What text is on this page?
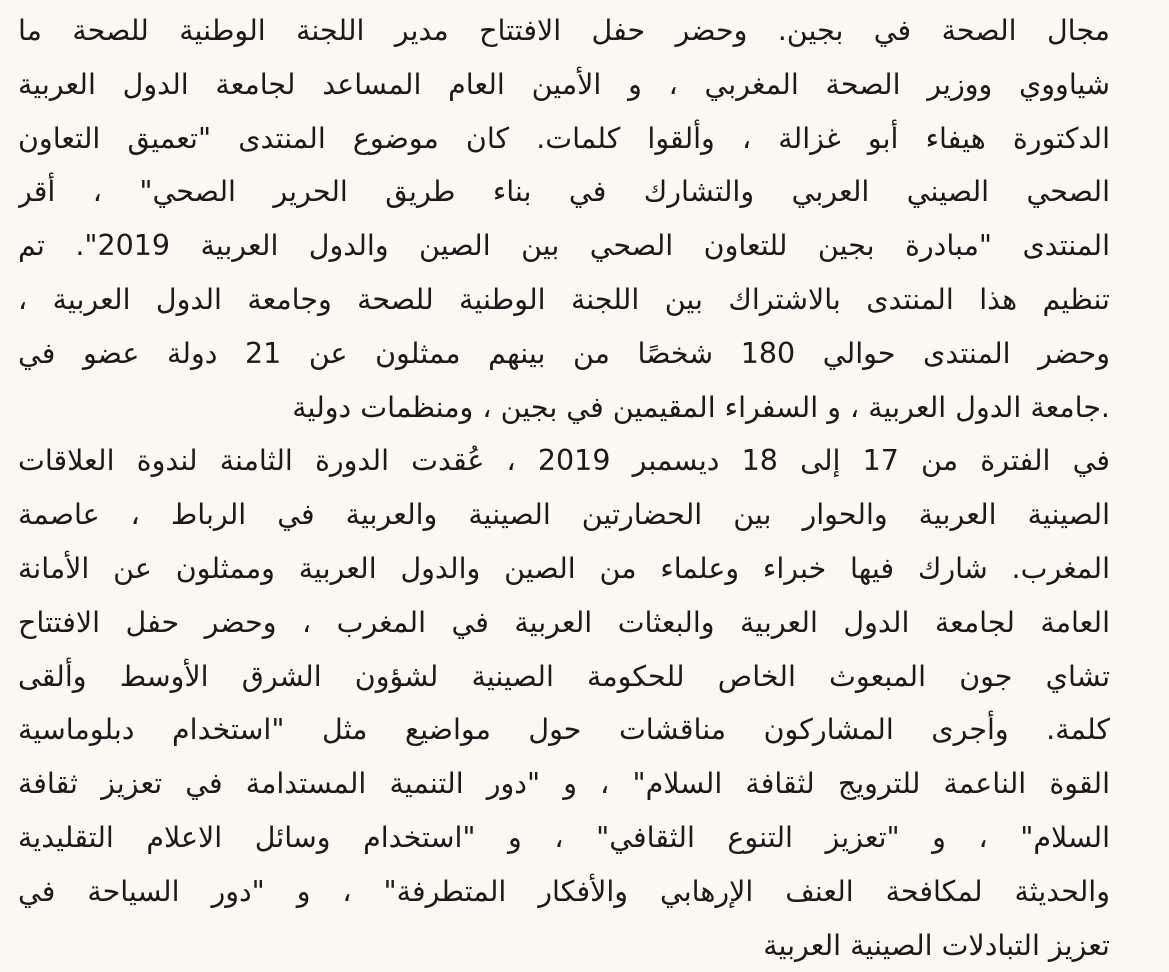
مجال الصحة في بجين. وحضر حفل الافتتاح مدير اللجنة الوطنية للصحة ما
شياووي ووزير الصحة المغربي ، و الأمين العام المساعد لجامعة الدول العربية
الدكتورة هيفاء أبو غزالة ، وألقوا كلمات. كان موضوع المنتدى "تعميق التعاون
الصحي الصيني العربي والتشارك في بناء طريق الحرير الصحي" ، أقر
المنتدى "مبادرة بجين للتعاون الصحي بين الصين والدول العربية 2019". تم
تنظيم هذا المنتدى بالاشتراك بين اللجنة الوطنية للصحة وجامعة الدول العربية ،
وحضر المنتدى حوالي 180 شخصًا من بينهم ممثلون عن 21 دولة عضو في
.جامعة الدول العربية ، و السفراء المقيمين في بجين ، ومنظمات دولية
في الفترة من 17 إلى 18 ديسمبر 2019 ، عُقدت الدورة الثامنة لندوة العلاقات
الصينية العربية والحوار بين الحضارتين الصينية والعربية في الرباط ، عاصمة
المغرب. شارك فيها خبراء وعلماء من الصين والدول العربية وممثلون عن الأمانة
العامة لجامعة الدول العربية والبعثات العربية في المغرب ، وحضر حفل الافتتاح
تشاي جون المبعوث الخاص للحكومة الصينية لشؤون الشرق الأوسط وألقى
كلمة. وأجرى المشاركون مناقشات حول مواضيع مثل "استخدام دبلوماسية
القوة الناعمة للترويج لثقافة السلام" ، و "دور التنمية المستدامة في تعزيز ثقافة
السلام" ، و "تعزيز التنوع الثقافي" ، و "استخدام وسائل الاعلام التقليدية
والحديثة لمكافحة العنف الإرهابي والأفكار المتطرفة" ، و "دور السياحة في
تعزيز التبادلات الصينية العربية
